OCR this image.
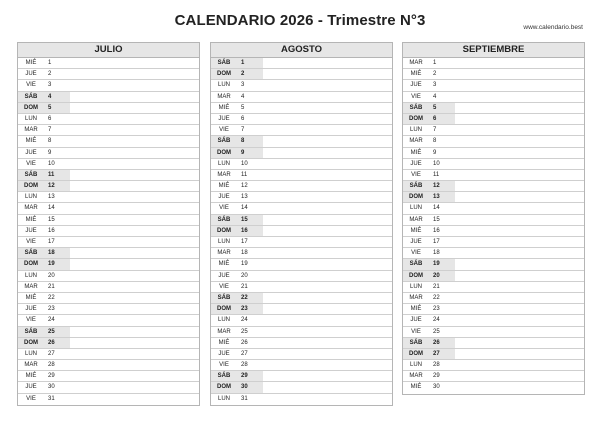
CALENDARIO 2026 - Trimestre N°3	www.calendario.best
JULIO
MIÉ	1
JUE	2
VIE	3
SÁB	4
DOM	5
LUN	6
MAR	7
MIÉ	8
JUE	9
VIE	10
SÁB	11
DOM	12
LUN	13
MAR	14
MIÉ	15
JUE	16
VIE	17
SÁB	18
DOM	19
LUN	20
MAR	21
MIÉ	22
JUE	23
VIE	24
SÁB	25
DOM	26
LUN	27
MAR	28
MIÉ	29
JUE	30
VIE	31
AGOSTO
SÁB	1
DOM	2
LUN	3
MAR	4
MIÉ	5
JUE	6
VIE	7
SÁB	8
DOM	9
LUN	10
MAR	11
MIÉ	12
JUE	13
VIE	14
SÁB	15
DOM	16
LUN	17
MAR	18
MIÉ	19
JUE	20
VIE	21
SÁB	22
DOM	23
LUN	24
MAR	25
MIÉ	26
JUE	27
VIE	28
SÁB	29
DOM	30
LUN	31
SEPTIEMBRE
MAR	1
MIÉ	2
JUE	3
VIE	4
SÁB	5
DOM	6
LUN	7
MAR	8
MIÉ	9
JUE	10
VIE	11
SÁB	12
DOM	13
LUN	14
MAR	15
MIÉ	16
JUE	17
VIE	18
SÁB	19
DOM	20
LUN	21
MAR	22
MIÉ	23
JUE	24
VIE	25
SÁB	26
DOM	27
LUN	28
MAR	29
MIÉ	30
